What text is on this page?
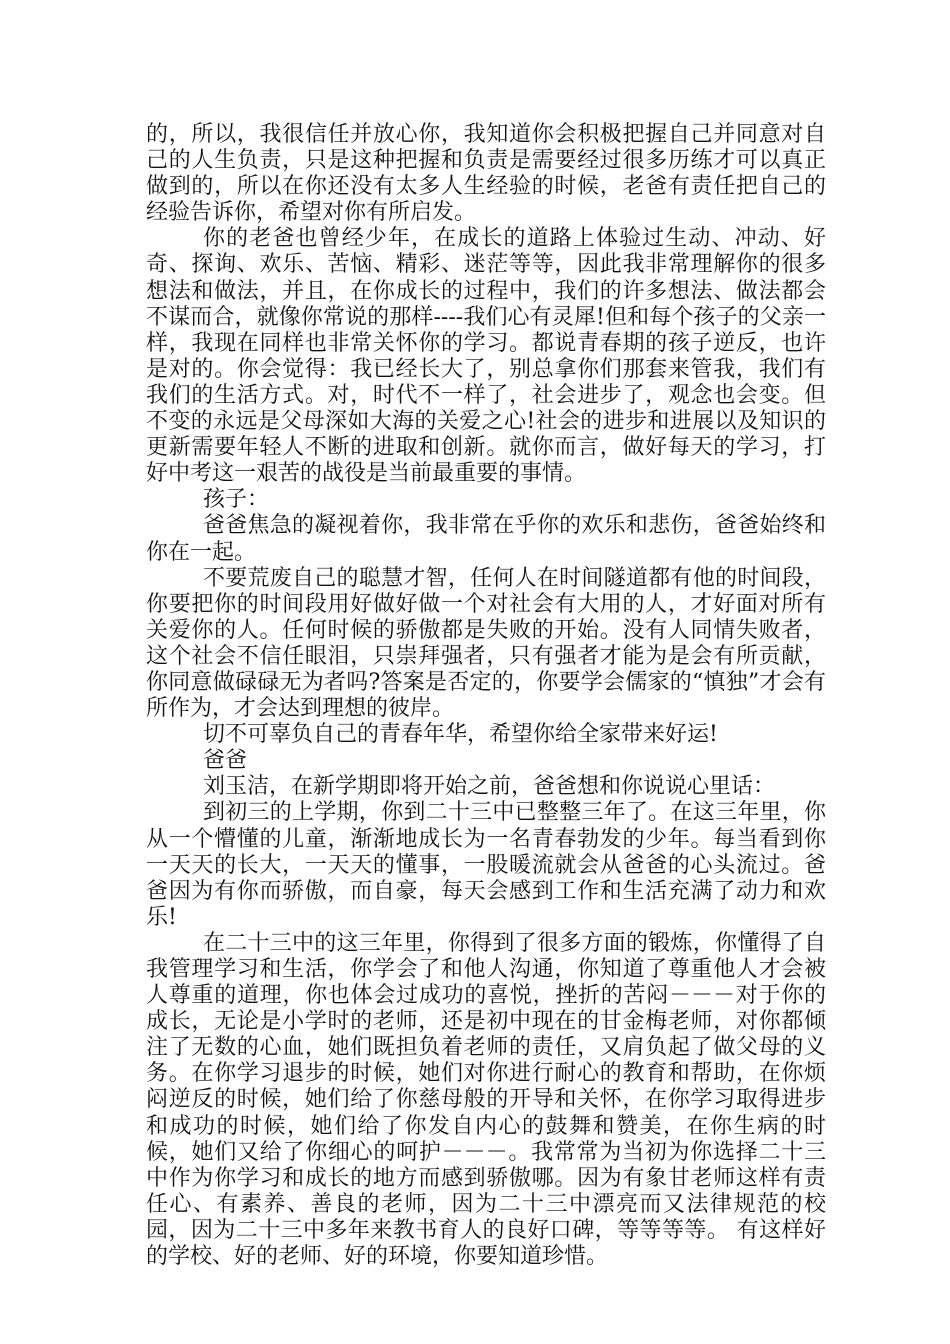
的，所以，我很信任并放心你，我知道你会积极把握自己并同意对自己的人生负责，只是这种把握和负责是需要经过很多历练才可以真正做到的，所以在你还没有太多人生经验的时候，老爸有责任把自己的经验告诉你，希望对你有所启发。

你的老爸也曾经少年，在成长的道路上体验过生动、冲动、好奇、探询、欢乐、苦恼、精彩、迷茫等等，因此我非常理解你的很多想法和做法，并且，在你成长的过程中，我们的许多想法、做法都会不谋而合，就像你常说的那样----我们心有灵犀!但和每个孩子的父亲一样，我现在同样也非常关怀你的学习。都说青春期的孩子逆反，也许是对的。你会觉得：我已经长大了，别总拿你们那套来管我，我们有我们的生活方式。对，时代不一样了，社会进步了，观念也会变。但不变的永远是父母深如大海的关爱之心!社会的进步和进展以及知识的更新需要年轻人不断的进取和创新。就你而言，做好每天的学习，打好中考这一艰苦的战役是当前最重要的事情。

孩子：

爸爸焦急的凝视着你，我非常在乎你的欢乐和悲伤，爸爸始终和你在一起。

不要荒废自己的聪慧才智，任何人在时间隧道都有他的时间段，你要把你的时间段用好做好做一个对社会有大用的人，才好面对所有关爱你的人。任何时候的骄傲都是失败的开始。没有人同情失败者，这个社会不信任眼泪，只崇拜强者，只有强者才能为是会有所贡献，你同意做碌碌无为者吗?答案是否定的，你要学会儒家的“慎独”才会有所作为，才会达到理想的彼岸。

切不可辜负自己的青春年华，希望你给全家带来好运!

爸爸

刘玉洁，在新学期即将开始之前，爸爸想和你说说心里话：

到初三的上学期，你到二十三中已整整三年了。在这三年里，你从一个懵懂的儿童，渐渐地成长为一名青春勃发的少年。每当看到你一天天的长大，一天天的懂事，一股暖流就会从爸爸的心头流过。爸爸因为有你而骄傲，而自豪，每天会感到工作和生活充满了动力和欢乐!

在二十三中的这三年里，你得到了很多方面的锻炼，你懂得了自我管理学习和生活，你学会了和他人沟通，你知道了尊重他人才会被人尊重的道理，你也体会过成功的喜悦，挫折的苦闷－－－对于你的成长，无论是小学时的老师，还是初中现在的甘金梅老师，对你都倾注了无数的心血，她们既担负着老师的责任，又肩负起了做父母的义务。在你学习退步的时候，她们对你进行耐心的教育和帮助，在你烦闷逆反的时候，她们给了你慈母般的开导和关怀，在你学习取得进步和成功的时候，她们给了你发自内心的鼓舞和赞美，在你生病的时候，她们又给了你细心的呵护－－－。我常常为当初为你选择二十三中作为你学习和成长的地方而感到骄傲哪。因为有象甘老师这样有责任心、有素养、善良的老师，因为二十三中漂亮而又法律规范的校园，因为二十三中多年来教书育人的良好口碑，等等等等。 有这样好的学校、好的老师、好的环境，你要知道珍惜。
